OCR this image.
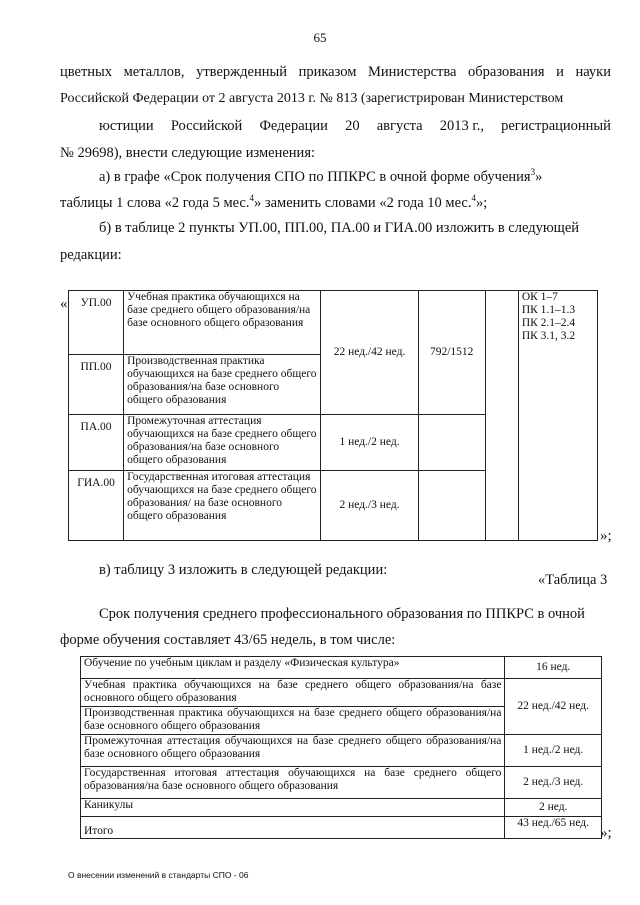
65
цветных металлов, утвержденный приказом Министерства образования и науки
Российской Федерации от 2 августа 2013 г. № 813 (зарегистрирован Министерством
юстиции Российской Федерации 20 августа 2013 г., регистрационный
№ 29698), внести следующие изменения:
а) в графе «Срок получения СПО по ППКРС в очной форме обучения$^3$»
таблицы 1 слова «2 года 5 мес.$^4$» заменить словами «2 года 10 мес.$^4$»;
б) в таблице 2 пункты УП.00, ПП.00, ПА.00 и ГИА.00 изложить в следующей
редакции:
« УП.00	Учебная практика обучающихся на базе среднего общего образования/на базе основного общего образования	22 нед./42 нед.	792/1512		ОК 1–7
ПК 1.1–1.3
ПК 2.1–2.4
ПК 3.1, 3.2

ПП.00	Производственная практика обучающихся на базе среднего общего образования/на базе основного общего образования				
ПА.00	Промежуточная аттестация обучающихся на базе среднего общего образования/на базе основного общего образования	1 нед./2 нед.			
ГИА.00	Государственная итоговая аттестация обучающихся на базе среднего общего образования/ на базе основного общего образования	2 нед./3 нед.			
»;
в) таблицу 3 изложить в следующей редакции:
«Таблица 3
Срок получения среднего профессионального образования по ППКРС в очной
форме обучения составляет 43/65 недель, в том числе:
Обучение по учебным циклам и разделу «Физическая культура»	16 нед.
Учебная практика обучающихся на базе среднего общего образования/на базе основного общего образования	22 нед./42 нед.
Производственная практика обучающихся на базе среднего общего образования/на базе основного общего образования	
Промежуточная аттестация обучающихся на базе среднего общего образования/на базе основного общего образования	1 нед./2 нед.
Государственная итоговая аттестация обучающихся на базе среднего общего образования/на базе основного общего образования	2 нед./3 нед.
Каникулы	2 нед.
Итого	43 нед./65 нед.
»;
О внесении изменений в стандарты СПО - 06
